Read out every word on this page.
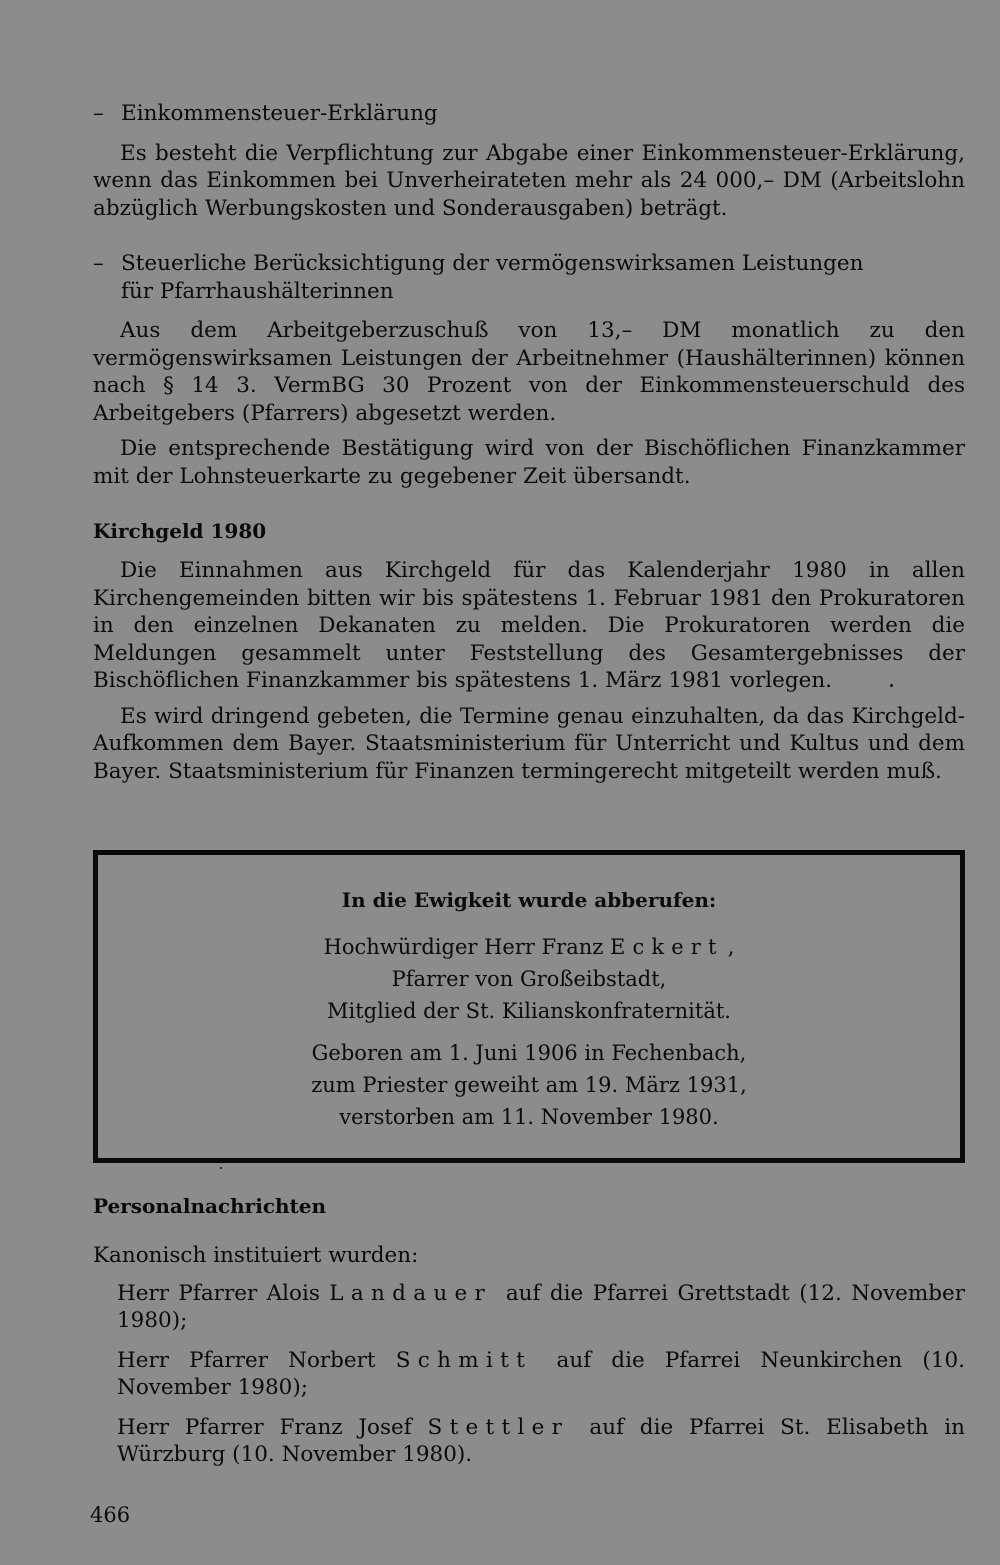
– Einkommensteuer-Erklärung

Es besteht die Verpflichtung zur Abgabe einer Einkommensteuer-Erklärung, wenn das Einkommen bei Unverheirateten mehr als 24 000,– DM (Arbeitslohn abzüglich Werbungskosten und Sonderausgaben) beträgt.

– Steuerliche Berücksichtigung der vermögenswirksamen Leistungen
für Pfarrhaushälterinnen

Aus dem Arbeitgeberzuschuß von 13,– DM monatlich zu den vermögenswirksamen Leistungen der Arbeitnehmer (Haushälterinnen) können nach § 14 3. VermBG 30 Prozent von der Einkommensteuerschuld des Arbeitgebers (Pfarrers) abgesetzt werden.

Die entsprechende Bestätigung wird von der Bischöflichen Finanzkammer mit der Lohnsteuerkarte zu gegebener Zeit übersandt.

Kirchgeld 1980

Die Einnahmen aus Kirchgeld für das Kalenderjahr 1980 in allen Kirchengemeinden bitten wir bis spätestens 1. Februar 1981 den Prokuratoren in den einzelnen Dekanaten zu melden. Die Prokuratoren werden die Meldungen gesammelt unter Feststellung des Gesamtergebnisses der Bischöflichen Finanzkammer bis spätestens 1. März 1981 vorlegen.

Es wird dringend gebeten, die Termine genau einzuhalten, da das Kirchgeld-Aufkommen dem Bayer. Staatsministerium für Unterricht und Kultus und dem Bayer. Staatsministerium für Finanzen termingerecht mitgeteilt werden muß.

In die Ewigkeit wurde abberufen:
Hochwürdiger Herr Franz Eckert ,
Pfarrer von Großeibstadt,
Mitglied der St. Kilianskonfraternität.
Geboren am 1. Juni 1906 in Fechenbach,
zum Priester geweiht am 19. März 1931,
verstorben am 11. November 1980.
Personalnachrichten
Kanonisch instituiert wurden:
Herr Pfarrer Alois Landauer auf die Pfarrei Grettstadt (12. November 1980);
Herr Pfarrer Norbert Schmitt auf die Pfarrei Neunkirchen (10. November 1980);
Herr Pfarrer Franz Josef Stettler auf die Pfarrei St. Elisabeth in Würzburg (10. November 1980).
466
